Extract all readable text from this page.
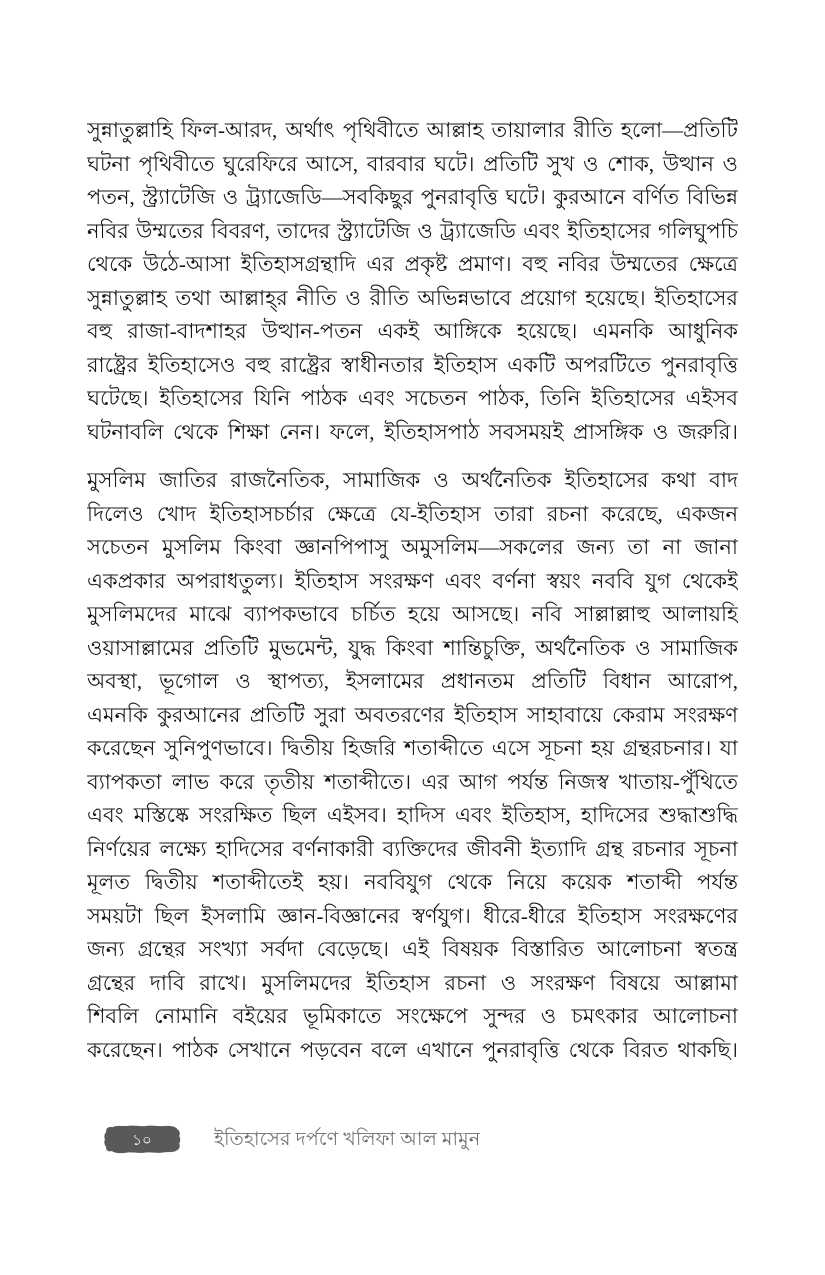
সুন্নাতুল্লাহি ফিল-আরদ, অর্থাৎ পৃথিবীতে আল্লাহ তায়ালার রীতি হলো—প্রতিটি
ঘটনা পৃথিবীতে ঘুরেফিরে আসে, বারবার ঘটে। প্রতিটি সুখ ও শোক, উত্থান ও
পতন, স্ট্র্যাটেজি ও ট্র্যাজেডি—সবকিছুর পুনরাবৃত্তি ঘটে। কুরআনে বর্ণিত বিভিন্ন
নবির উম্মতের বিবরণ, তাদের স্ট্র্যাটেজি ও ট্র্যাজেডি এবং ইতিহাসের গলিঘুপচি
থেকে উঠে-আসা ইতিহাসগ্রন্থাদি এর প্রকৃষ্ট প্রমাণ। বহু নবির উম্মতের ক্ষেত্রে
সুন্নাতুল্লাহ তথা আল্লাহ্‌র নীতি ও রীতি অভিন্নভাবে প্রয়োগ হয়েছে। ইতিহাসের
বহু রাজা-বাদশাহর উত্থান-পতন একই আঙ্গিকে হয়েছে। এমনকি আধুনিক
রাষ্ট্রের ইতিহাসেও বহু রাষ্ট্রের স্বাধীনতার ইতিহাস একটি অপরটিতে পুনরাবৃত্তি
ঘটেছে। ইতিহাসের যিনি পাঠক এবং সচেতন পাঠক, তিনি ইতিহাসের এইসব
ঘটনাবলি থেকে শিক্ষা নেন। ফলে, ইতিহাসপাঠ সবসময়ই প্রাসঙ্গিক ও জরুরি।
মুসলিম জাতির রাজনৈতিক, সামাজিক ও অর্থনৈতিক ইতিহাসের কথা বাদ
দিলেও খোদ ইতিহাসচর্চার ক্ষেত্রে যে-ইতিহাস তারা রচনা করেছে, একজন
সচেতন মুসলিম কিংবা জ্ঞানপিপাসু অমুসলিম—সকলের জন্য তা না জানা
একপ্রকার অপরাধতুল্য। ইতিহাস সংরক্ষণ এবং বর্ণনা স্বয়ং নববি যুগ থেকেই
মুসলিমদের মাঝে ব্যাপকভাবে চর্চিত হয়ে আসছে। নবি সাল্লাল্লাহু আলায়হি
ওয়াসাল্লামের প্রতিটি মুভমেন্ট, যুদ্ধ কিংবা শান্তিচুক্তি, অর্থনৈতিক ও সামাজিক
অবস্থা, ভূগোল ও স্থাপত্য, ইসলামের প্রধানতম প্রতিটি বিধান আরোপ,
এমনকি কুরআনের প্রতিটি সুরা অবতরণের ইতিহাস সাহাবায়ে কেরাম সংরক্ষণ
করেছেন সুনিপুণভাবে। দ্বিতীয় হিজরি শতাব্দীতে এসে সূচনা হয় গ্রন্থরচনার। যা
ব্যাপকতা লাভ করে তৃতীয় শতাব্দীতে। এর আগ পর্যন্ত নিজস্ব খাতায়-পুঁথিতে
এবং মস্তিষ্কে সংরক্ষিত ছিল এইসব। হাদিস এবং ইতিহাস, হাদিসের শুদ্ধাশুদ্ধি
নির্ণয়ের লক্ষ্যে হাদিসের বর্ণনাকারী ব্যক্তিদের জীবনী ইত্যাদি গ্রন্থ রচনার সূচনা
মূলত দ্বিতীয় শতাব্দীতেই হয়। নববিযুগ থেকে নিয়ে কয়েক শতাব্দী পর্যন্ত
সময়টা ছিল ইসলামি জ্ঞান-বিজ্ঞানের স্বর্ণযুগ। ধীরে-ধীরে ইতিহাস সংরক্ষণের
জন্য গ্রন্থের সংখ্যা সর্বদা বেড়েছে। এই বিষয়ক বিস্তারিত আলোচনা স্বতন্ত্র
গ্রন্থের দাবি রাখে। মুসলিমদের ইতিহাস রচনা ও সংরক্ষণ বিষয়ে আল্লামা
শিবলি নোমানি বইয়ের ভূমিকাতে সংক্ষেপে সুন্দর ও চমৎকার আলোচনা
করেছেন। পাঠক সেখানে পড়বেন বলে এখানে পুনরাবৃত্তি থেকে বিরত থাকছি।
১০	ইতিহাসের দর্পণে খলিফা আল মামুন
